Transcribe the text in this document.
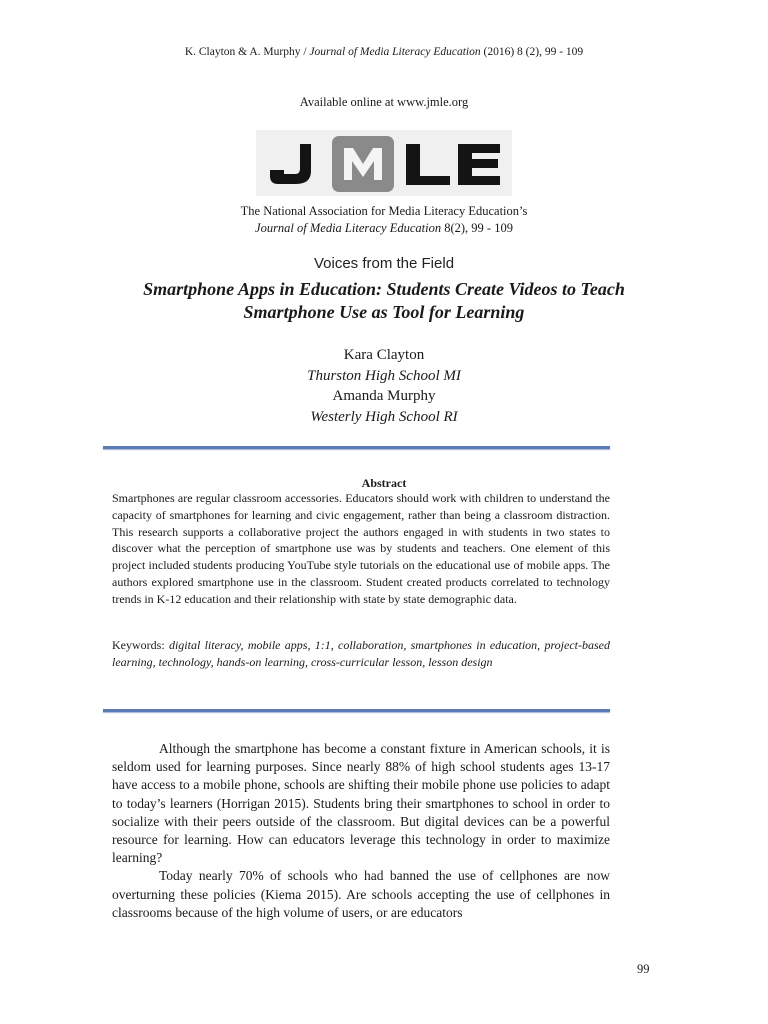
K. Clayton & A. Murphy / Journal of Media Literacy Education (2016) 8 (2), 99 - 109
Available online at www.jmle.org
The National Association for Media Literacy Education’s
Journal of Media Literacy Education 8(2), 99 - 109
Voices from the Field
Smartphone Apps in Education: Students Create Videos to Teach
Smartphone Use as Tool for Learning
Kara Clayton
Thurston High School MI
Amanda Murphy
Westerly High School RI
Abstract
Smartphones are regular classroom accessories. Educators should work with children to understand the capacity of smartphones for learning and civic engagement, rather than being a classroom distraction. This research supports a collaborative project the authors engaged in with students in two states to discover what the perception of smartphone use was by students and teachers. One element of this project included students producing YouTube style tutorials on the educational use of mobile apps. The authors explored smartphone use in the classroom. Student created products correlated to technology trends in K-12 education and their relationship with state by state demographic data.
Keywords: digital literacy, mobile apps, 1:1, collaboration, smartphones in education, project-based learning, technology, hands-on learning, cross-curricular lesson, lesson design

Although the smartphone has become a constant fixture in American schools, it is seldom used for learning purposes. Since nearly 88% of high school students ages 13-17 have access to a mobile phone, schools are shifting their mobile phone use policies to adapt to today’s learners (Horrigan 2015). Students bring their smartphones to school in order to socialize with their peers outside of the classroom. But digital devices can be a powerful resource for learning. How can educators leverage this technology in order to maximize learning?

Today nearly 70% of schools who had banned the use of cellphones are now overturning these policies (Kiema 2015). Are schools accepting the use of cellphones in classrooms because of the high volume of users, or are educators

99
